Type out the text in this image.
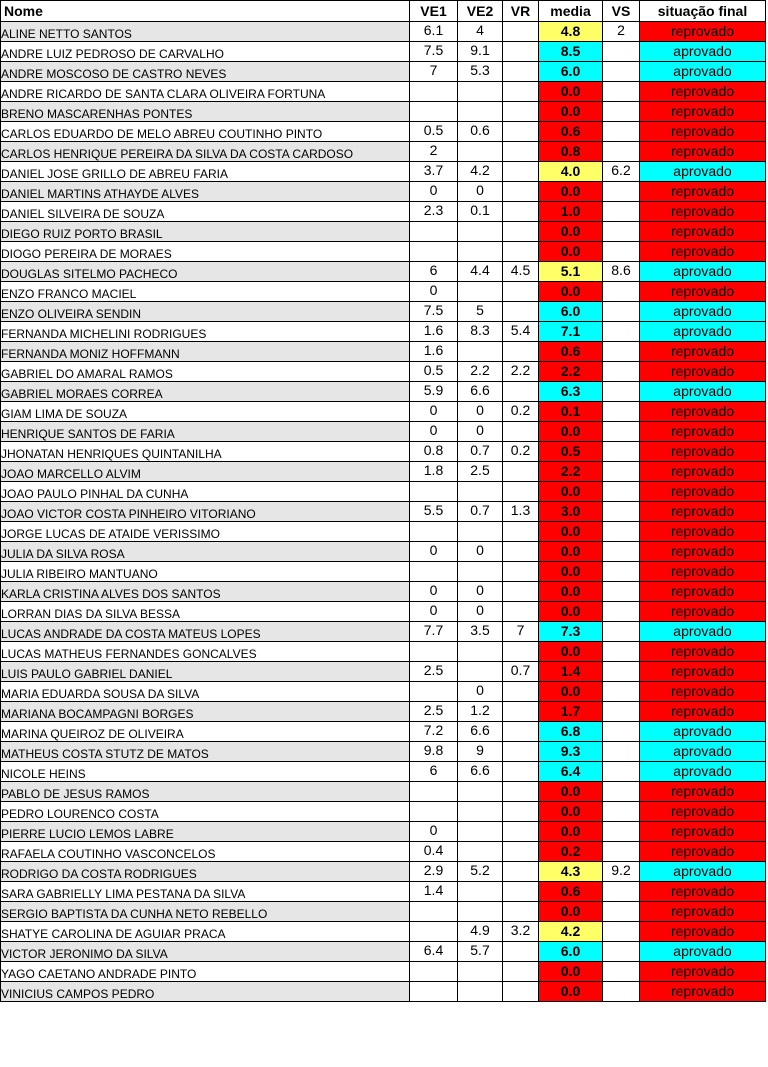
Nome	VE1	VE2	VR	media	VS	situação final
ALINE NETTO SANTOS	6.1	4		4.8	2	reprovado
ANDRE LUIZ PEDROSO DE CARVALHO	7.5	9.1		8.5		aprovado
ANDRE MOSCOSO DE CASTRO NEVES	7	5.3		6.0		aprovado
ANDRE RICARDO DE SANTA CLARA OLIVEIRA FORTUNA				0.0		reprovado
BRENO MASCARENHAS PONTES				0.0		reprovado
CARLOS EDUARDO DE MELO ABREU COUTINHO PINTO	0.5	0.6		0.6		reprovado
CARLOS HENRIQUE PEREIRA DA SILVA DA COSTA CARDOSO	2			0.8		reprovado
DANIEL JOSE GRILLO DE ABREU FARIA	3.7	4.2		4.0	6.2	aprovado
DANIEL MARTINS ATHAYDE ALVES	0	0		0.0		reprovado
DANIEL SILVEIRA DE SOUZA	2.3	0.1		1.0		reprovado
DIEGO RUIZ PORTO BRASIL				0.0		reprovado
DIOGO PEREIRA DE MORAES				0.0		reprovado
DOUGLAS SITELMO PACHECO	6	4.4	4.5	5.1	8.6	aprovado
ENZO FRANCO MACIEL	0			0.0		reprovado
ENZO OLIVEIRA SENDIN	7.5	5		6.0		aprovado
FERNANDA MICHELINI RODRIGUES	1.6	8.3	5.4	7.1		aprovado
FERNANDA MONIZ HOFFMANN	1.6			0.6		reprovado
GABRIEL DO AMARAL RAMOS	0.5	2.2	2.2	2.2		reprovado
GABRIEL MORAES CORREA	5.9	6.6		6.3		aprovado
GIAM LIMA DE SOUZA	0	0	0.2	0.1		reprovado
HENRIQUE SANTOS DE FARIA	0	0		0.0		reprovado
JHONATAN HENRIQUES QUINTANILHA	0.8	0.7	0.2	0.5		reprovado
JOAO MARCELLO ALVIM	1.8	2.5		2.2		reprovado
JOAO PAULO PINHAL DA CUNHA				0.0		reprovado
JOAO VICTOR COSTA PINHEIRO VITORIANO	5.5	0.7	1.3	3.0		reprovado
JORGE LUCAS DE ATAIDE VERISSIMO				0.0		reprovado
JULIA DA SILVA ROSA	0	0		0.0		reprovado
JULIA RIBEIRO MANTUANO				0.0		reprovado
KARLA CRISTINA ALVES DOS SANTOS	0	0		0.0		reprovado
LORRAN DIAS DA SILVA BESSA	0	0		0.0		reprovado
LUCAS ANDRADE DA COSTA MATEUS LOPES	7.7	3.5	7	7.3		aprovado
LUCAS MATHEUS FERNANDES GONCALVES				0.0		reprovado
LUIS PAULO GABRIEL DANIEL	2.5		0.7	1.4		reprovado
MARIA EDUARDA SOUSA DA SILVA		0		0.0		reprovado
MARIANA BOCAMPAGNI BORGES	2.5	1.2		1.7		reprovado
MARINA QUEIROZ DE OLIVEIRA	7.2	6.6		6.8		aprovado
MATHEUS COSTA STUTZ DE MATOS	9.8	9		9.3		aprovado
NICOLE HEINS	6	6.6		6.4		aprovado
PABLO DE JESUS RAMOS				0.0		reprovado
PEDRO LOURENCO COSTA				0.0		reprovado
PIERRE LUCIO LEMOS LABRE	0			0.0		reprovado
RAFAELA COUTINHO VASCONCELOS	0.4			0.2		reprovado
RODRIGO DA COSTA RODRIGUES	2.9	5.2		4.3	9.2	aprovado
SARA GABRIELLY LIMA PESTANA DA SILVA	1.4			0.6		reprovado
SERGIO BAPTISTA DA CUNHA NETO REBELLO				0.0		reprovado
SHATYE CAROLINA DE AGUIAR PRACA		4.9	3.2	4.2		reprovado
VICTOR JERONIMO DA SILVA	6.4	5.7		6.0		aprovado
YAGO CAETANO ANDRADE PINTO				0.0		reprovado
VINICIUS CAMPOS PEDRO				0.0		reprovado
